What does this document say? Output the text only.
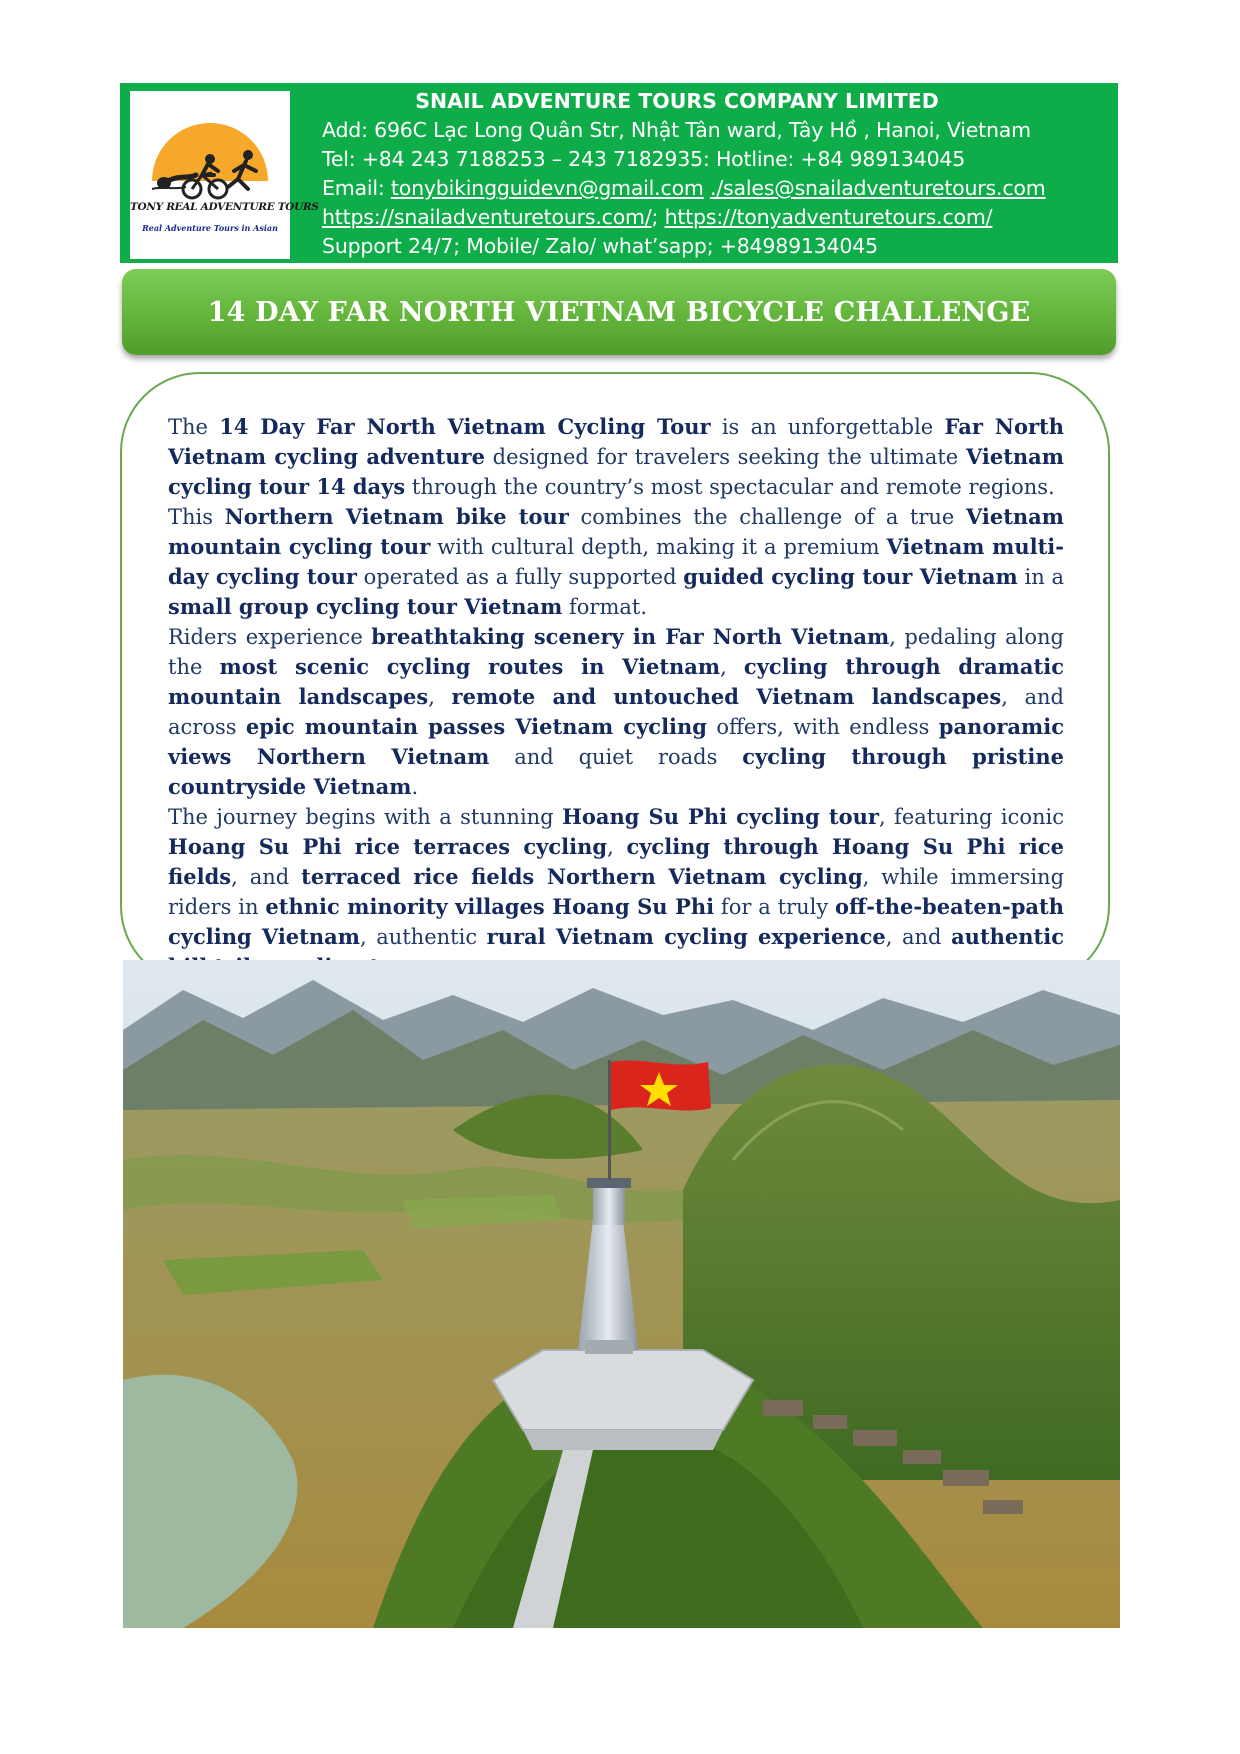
TONY REAL ADVENTURE TOURS
Real Adventure Tours in Asian
SNAIL ADVENTURE TOURS COMPANY LIMITED
Add: 696C Lạc Long Quân Str, Nhật Tân ward, Tây Hồ , Hanoi, Vietnam
Tel: +84 243 7188253 – 243 7182935: Hotline: +84 989134045
Email: tonybikingguidevn@gmail.com ./sales@snailadventuretours.com
https://snailadventuretours.com/; https://tonyadventuretours.com/
Support 24/7; Mobile/ Zalo/ what’sapp; +84989134045
14 DAY FAR NORTH VIETNAM BICYCLE CHALLENGE

The 14 Day Far North Vietnam Cycling Tour is an unforgettable Far North Vietnam cycling adventure designed for travelers seeking the ultimate Vietnam cycling tour 14 days through the country’s most spectacular and remote regions.

This Northern Vietnam bike tour combines the challenge of a true Vietnam mountain cycling tour with cultural depth, making it a premium Vietnam multi-day cycling tour operated as a fully supported guided cycling tour Vietnam in a small group cycling tour Vietnam format.

Riders experience breathtaking scenery in Far North Vietnam, pedaling along the most scenic cycling routes in Vietnam, cycling through dramatic mountain landscapes, remote and untouched Vietnam landscapes, and across epic mountain passes Vietnam cycling offers, with endless panoramic views Northern Vietnam and quiet roads cycling through pristine countryside Vietnam.

The journey begins with a stunning Hoang Su Phi cycling tour, featuring iconic Hoang Su Phi rice terraces cycling, cycling through Hoang Su Phi rice fields, and terraced rice fields Northern Vietnam cycling, while immersing riders in ethnic minority villages Hoang Su Phi for a truly off-the-beaten-path cycling Vietnam, authentic rural Vietnam cycling experience, and authentic
